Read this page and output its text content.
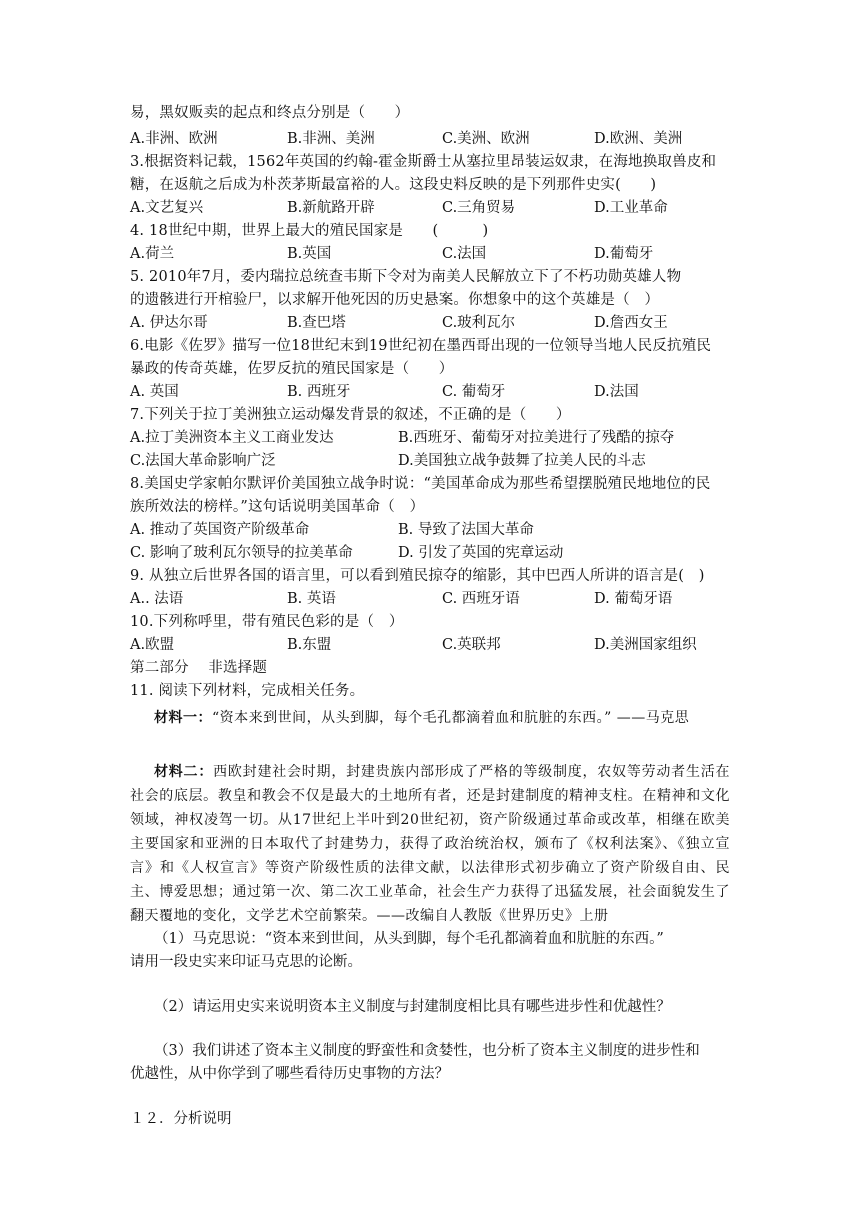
易，黑奴贩卖的起点和终点分别是（　　）
A.非洲、欧洲	B.非洲、美洲	C.美洲、欧洲	D.欧洲、美洲
3.根据资料记载，1562年英国的约翰-霍金斯爵士从塞拉里昂装运奴隶，在海地换取兽皮和
糖，在返航之后成为朴茨茅斯最富裕的人。这段史料反映的是下列那件史实(　　)
A.文艺复兴	B.新航路开辟	C.三角贸易	D.工业革命
4. 18世纪中期，世界上最大的殖民国家是　　(　　　)
A.荷兰	B.英国	C.法国	D.葡萄牙
5. 2010年7月，委内瑞拉总统查韦斯下令对为南美人民解放立下了不朽功勋英雄人物
的遗骸进行开棺验尸，以求解开他死因的历史悬案。你想象中的这个英雄是（　）
A. 伊达尔哥	B.查巴塔	C.玻利瓦尔	D.詹西女王
6.电影《佐罗》描写一位18世纪末到19世纪初在墨西哥出现的一位领导当地人民反抗殖民
暴政的传奇英雄，佐罗反抗的殖民国家是（　　）
A. 英国	B. 西班牙	C. 葡萄牙	D.法国
7.下列关于拉丁美洲独立运动爆发背景的叙述，不正确的是（　　）
A.拉丁美洲资本主义工商业发达	B.西班牙、葡萄牙对拉美进行了残酷的掠夺
C.法国大革命影响广泛	D.美国独立战争鼓舞了拉美人民的斗志
8.美国史学家帕尔默评价美国独立战争时说：“美国革命成为那些希望摆脱殖民地地位的民
族所效法的榜样。”这句话说明美国革命（　）
A. 推动了英国资产阶级革命	B. 导致了法国大革命
C. 影响了玻利瓦尔领导的拉美革命	D. 引发了英国的宪章运动
9. 从独立后世界各国的语言里，可以看到殖民掠夺的缩影，其中巴西人所讲的语言是(　)
A.. 法语	B. 英语	C. 西班牙语	D. 葡萄牙语
10.下列称呼里，带有殖民色彩的是（　）
A.欧盟	B.东盟	C.英联邦	D.美洲国家组织
第二部分　 非选择题
11. 阅读下列材料，完成相关任务。
材料一：“资本来到世间，从头到脚，每个毛孔都滴着血和肮脏的东西。” ——马克思
材料二：西欧封建社会时期，封建贵族内部形成了严格的等级制度，农奴等劳动者生活在社会的底层。教皇和教会不仅是最大的土地所有者，还是封建制度的精神支柱。在精神和文化领域，神权凌驾一切。从17世纪上半叶到20世纪初，资产阶级通过革命或改革，相继在欧美主要国家和亚洲的日本取代了封建势力，获得了政治统治权，颁布了《权利法案》、《独立宣言》和《人权宣言》等资产阶级性质的法律文献，以法律形式初步确立了资产阶级自由、民主、博爱思想；通过第一次、第二次工业革命，社会生产力获得了迅猛发展，社会面貌发生了翻天覆地的变化，文学艺术空前繁荣。——改编自人教版《世界历史》上册
（1）马克思说：“资本来到世间，从头到脚，每个毛孔都滴着血和肮脏的东西。”
请用一段史实来印证马克思的论断。
（2）请运用史实来说明资本主义制度与封建制度相比具有哪些进步性和优越性？
（3）我们讲述了资本主义制度的野蛮性和贪婪性，也分析了资本主义制度的进步性和
优越性，从中你学到了哪些看待历史事物的方法？
１２．分析说明
